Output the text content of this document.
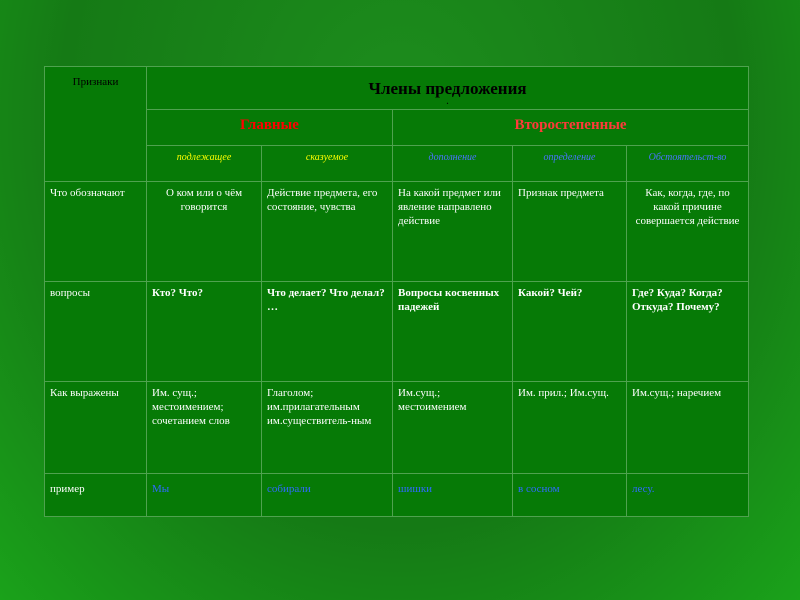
Признаки	Члены предложения
.				

	Главные		Второстепенные		
	подлежащее	сказуемое	дополнение	определение	Обстоятельст-во
Что обозначают	О ком или о чём говорится	Действие предмета, его состояние, чувства	На какой предмет или явление направлено действие	Признак предмета	Как, когда, где, по какой причине совершается действие
вопросы	Кто? Что?	Что делает? Что делал? …	Вопросы косвенных падежей	Какой? Чей?	Где? Куда? Когда? Откуда? Почему?
Как выражены	Им. сущ.; местоимением; сочетанием слов	Глаголом; им.прилагательным им.существитель-ным	Им.сущ.; местоимением	Им. прил.; Им.сущ.	Им.сущ.; наречием
пример	Мы	собирали	шишки	в сосном	лесу.
